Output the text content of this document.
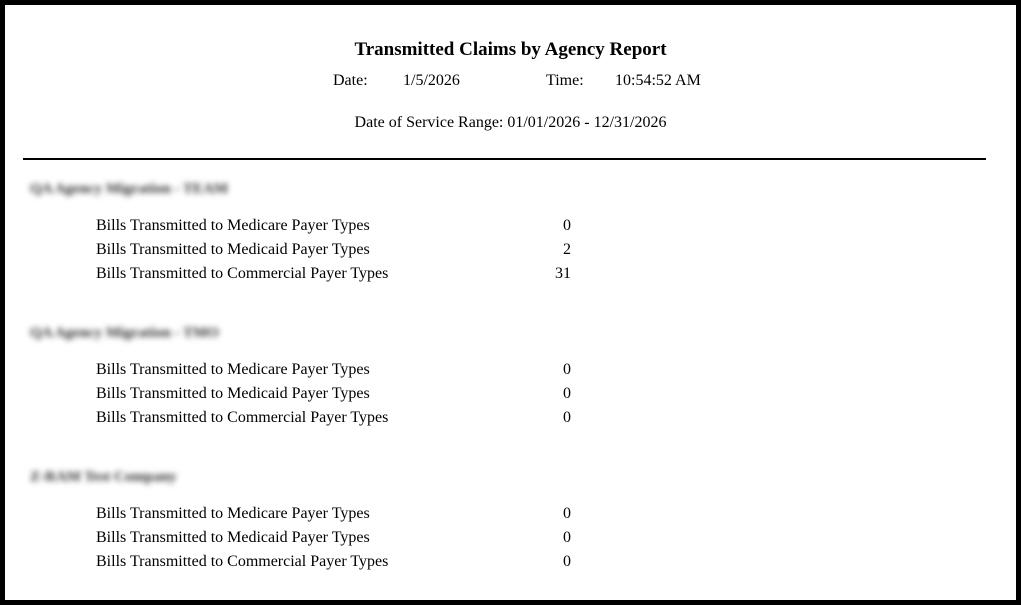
Transmitted Claims by Agency Report
Date: 1/5/2026	Time: 10:54:52 AM
Date of Service Range: 01/01/2026 - 12/31/2026
QA Agency Migration - TEAM
Bills Transmitted to Medicare Payer Types	0
Bills Transmitted to Medicaid Payer Types	2
Bills Transmitted to Commercial Payer Types	31
QA Agency Migration - TMO
Bills Transmitted to Medicare Payer Types	0
Bills Transmitted to Medicaid Payer Types	0
Bills Transmitted to Commercial Payer Types	0
Z-RAM Test Company
Bills Transmitted to Medicare Payer Types	0
Bills Transmitted to Medicaid Payer Types	0
Bills Transmitted to Commercial Payer Types	0
